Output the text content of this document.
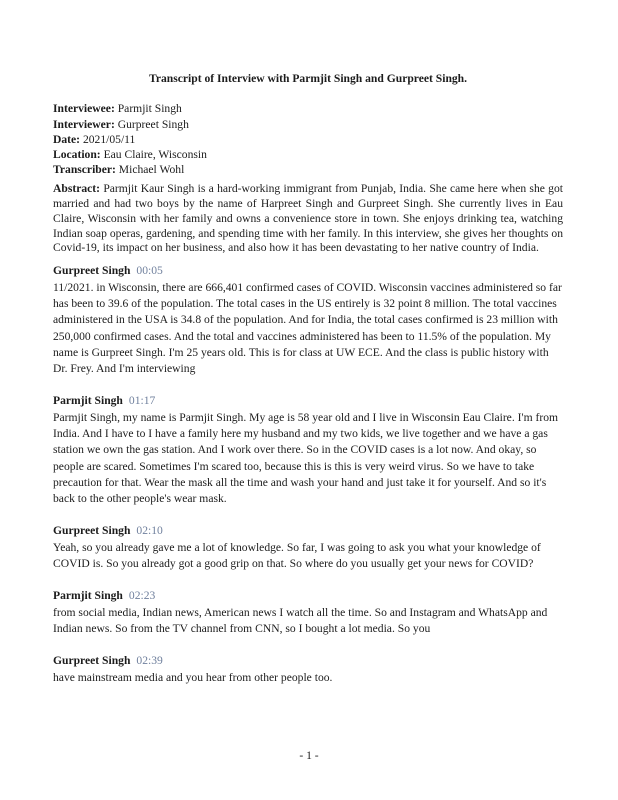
Transcript of Interview with Parmjit Singh and Gurpreet Singh.
Interviewee: Parmjit Singh
Interviewer: Gurpreet Singh
Date: 2021/05/11
Location: Eau Claire, Wisconsin
Transcriber: Michael Wohl

Abstract: Parmjit Kaur Singh is a hard-working immigrant from Punjab, India. She came here when she got married and had two boys by the name of Harpreet Singh and Gurpreet Singh. She currently lives in Eau Claire, Wisconsin with her family and owns a convenience store in town. She enjoys drinking tea, watching Indian soap operas, gardening, and spending time with her family. In this interview, she gives her thoughts on Covid-19, its impact on her business, and also how it has been devastating to her native country of India.

Gurpreet Singh 00:05
11/2021. in Wisconsin, there are 666,401 confirmed cases of COVID. Wisconsin vaccines administered so far has been to 39.6 of the population. The total cases in the US entirely is 32 point 8 million. The total vaccines administered in the USA is 34.8 of the population. And for India, the total cases confirmed is 23 million with 250,000 confirmed cases. And the total and vaccines administered has been to 11.5% of the population. My name is Gurpreet Singh. I'm 25 years old. This is for class at UW ECE. And the class is public history with Dr. Frey. And I'm interviewing
Parmjit Singh 01:17
Parmjit Singh, my name is Parmjit Singh. My age is 58 year old and I live in Wisconsin Eau Claire. I'm from India. And I have to I have a family here my husband and my two kids, we live together and we have a gas station we own the gas station. And I work over there. So in the COVID cases is a lot now. And okay, so people are scared. Sometimes I'm scared too, because this is this is very weird virus. So we have to take precaution for that. Wear the mask all the time and wash your hand and just take it for yourself. And so it's back to the other people's wear mask.
Gurpreet Singh 02:10
Yeah, so you already gave me a lot of knowledge. So far, I was going to ask you what your knowledge of COVID is. So you already got a good grip on that. So where do you usually get your news for COVID?
Parmjit Singh 02:23
from social media, Indian news, American news I watch all the time. So and Instagram and WhatsApp and Indian news. So from the TV channel from CNN, so I bought a lot media. So you
Gurpreet Singh 02:39
have mainstream media and you hear from other people too.
- 1 -
